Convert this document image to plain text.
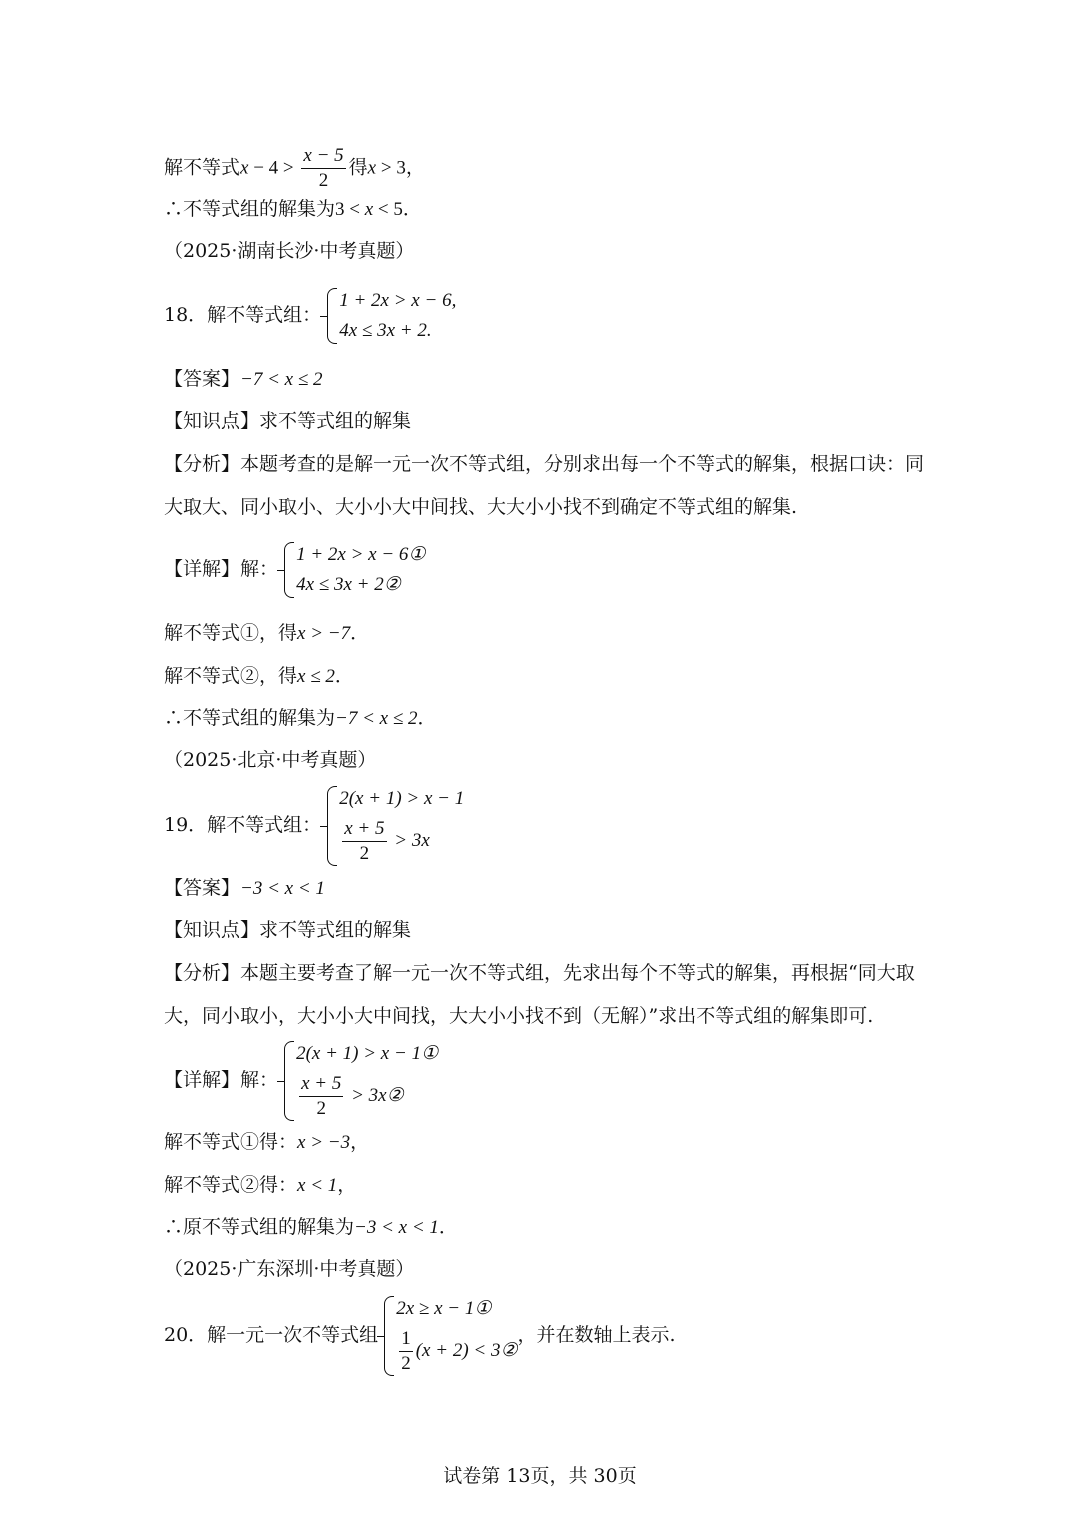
解不等式$x - 4 > \frac{x - 5}{2}$ 得x > 3，
∴不等式组的解集为3 < x < 5．
（2025·湖南长沙·中考真题）
18．解不等式组：
1 + 2x > x − 6,
4x ≤ 3x + 2.
【答案】−7 < x ≤ 2
【知识点】求不等式组的解集
【分析】本题考查的是解一元一次不等式组，分别求出每一个不等式的解集，根据口诀：同
大取大、同小取小、大小小大中间找、大大小小找不到确定不等式组的解集.
【详解】解：
1 + 2x > x − 6①
4x ≤ 3x + 2②
解不等式①，得x > −7．
解不等式②，得x ≤ 2．
∴不等式组的解集为−7 < x ≤ 2．
（2025·北京·中考真题）
19．解不等式组：
2(x + 1) > x − 1
$\frac{x + 5}{2} > 3x$
【答案】−3 < x < 1
【知识点】求不等式组的解集
【分析】本题主要考查了解一元一次不等式组，先求出每个不等式的解集，再根据“同大取
大，同小取小，大小小大中间找，大大小小找不到（无解）”求出不等式组的解集即可.
【详解】解：
2(x + 1) > x − 1①
$\frac{x + 5}{2}$ > 3x②
解不等式①得：x > −3，
解不等式②得：x < 1，
∴原不等式组的解集为−3 < x < 1．
（2025·广东深圳·中考真题）
20．解一元一次不等式组
2x ≥ x − 1①
$\frac{1}{2} (x + 2)$ < 3②
，并在数轴上表示.
试卷第 13页，共 30页
